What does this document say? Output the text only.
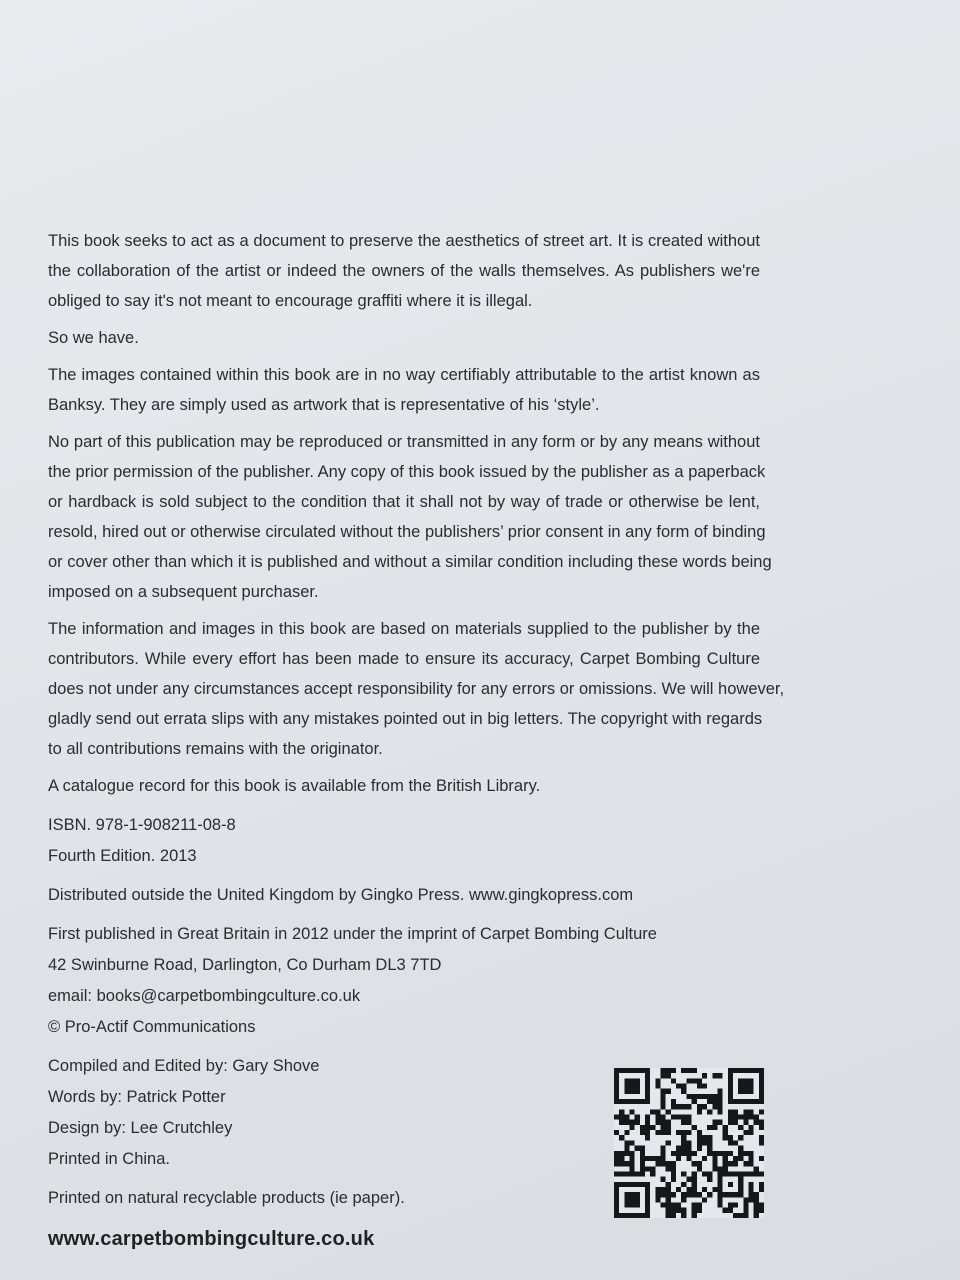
This book seeks to act as a document to preserve the aesthetics of street art. It is created without
the collaboration of the artist or indeed the owners of the walls themselves. As publishers we're
obliged to say it's not meant to encourage graffiti where it is illegal.
So we have.
The images contained within this book are in no way certifiably attributable to the artist known as
Banksy. They are simply used as artwork that is representative of his ‘style’.
No part of this publication may be reproduced or transmitted in any form or by any means without
the prior permission of the publisher. Any copy of this book issued by the publisher as a paperback
or hardback is sold subject to the condition that it shall not by way of trade or otherwise be lent,
resold, hired out or otherwise circulated without the publishers’ prior consent in any form of binding
or cover other than which it is published and without a similar condition including these words being
imposed on a subsequent purchaser.
The information and images in this book are based on materials supplied to the publisher by the
contributors. While every effort has been made to ensure its accuracy, Carpet Bombing Culture
does not under any circumstances accept responsibility for any errors or omissions. We will however,
gladly send out errata slips with any mistakes pointed out in big letters. The copyright with regards
to all contributions remains with the originator.

A catalogue record for this book is available from the British Library.

ISBN. 978-1-908211-08-8

Fourth Edition. 2013

Distributed outside the United Kingdom by Gingko Press. www.gingkopress.com

First published in Great Britain in 2012 under the imprint of Carpet Bombing Culture

42 Swinburne Road, Darlington, Co Durham DL3 7TD

email: books@carpetbombingculture.co.uk

© Pro-Actif Communications

Compiled and Edited by: Gary Shove

Words by: Patrick Potter

Design by: Lee Crutchley

Printed in China.

Printed on natural recyclable products (ie paper).

www.carpetbombingculture.co.uk
